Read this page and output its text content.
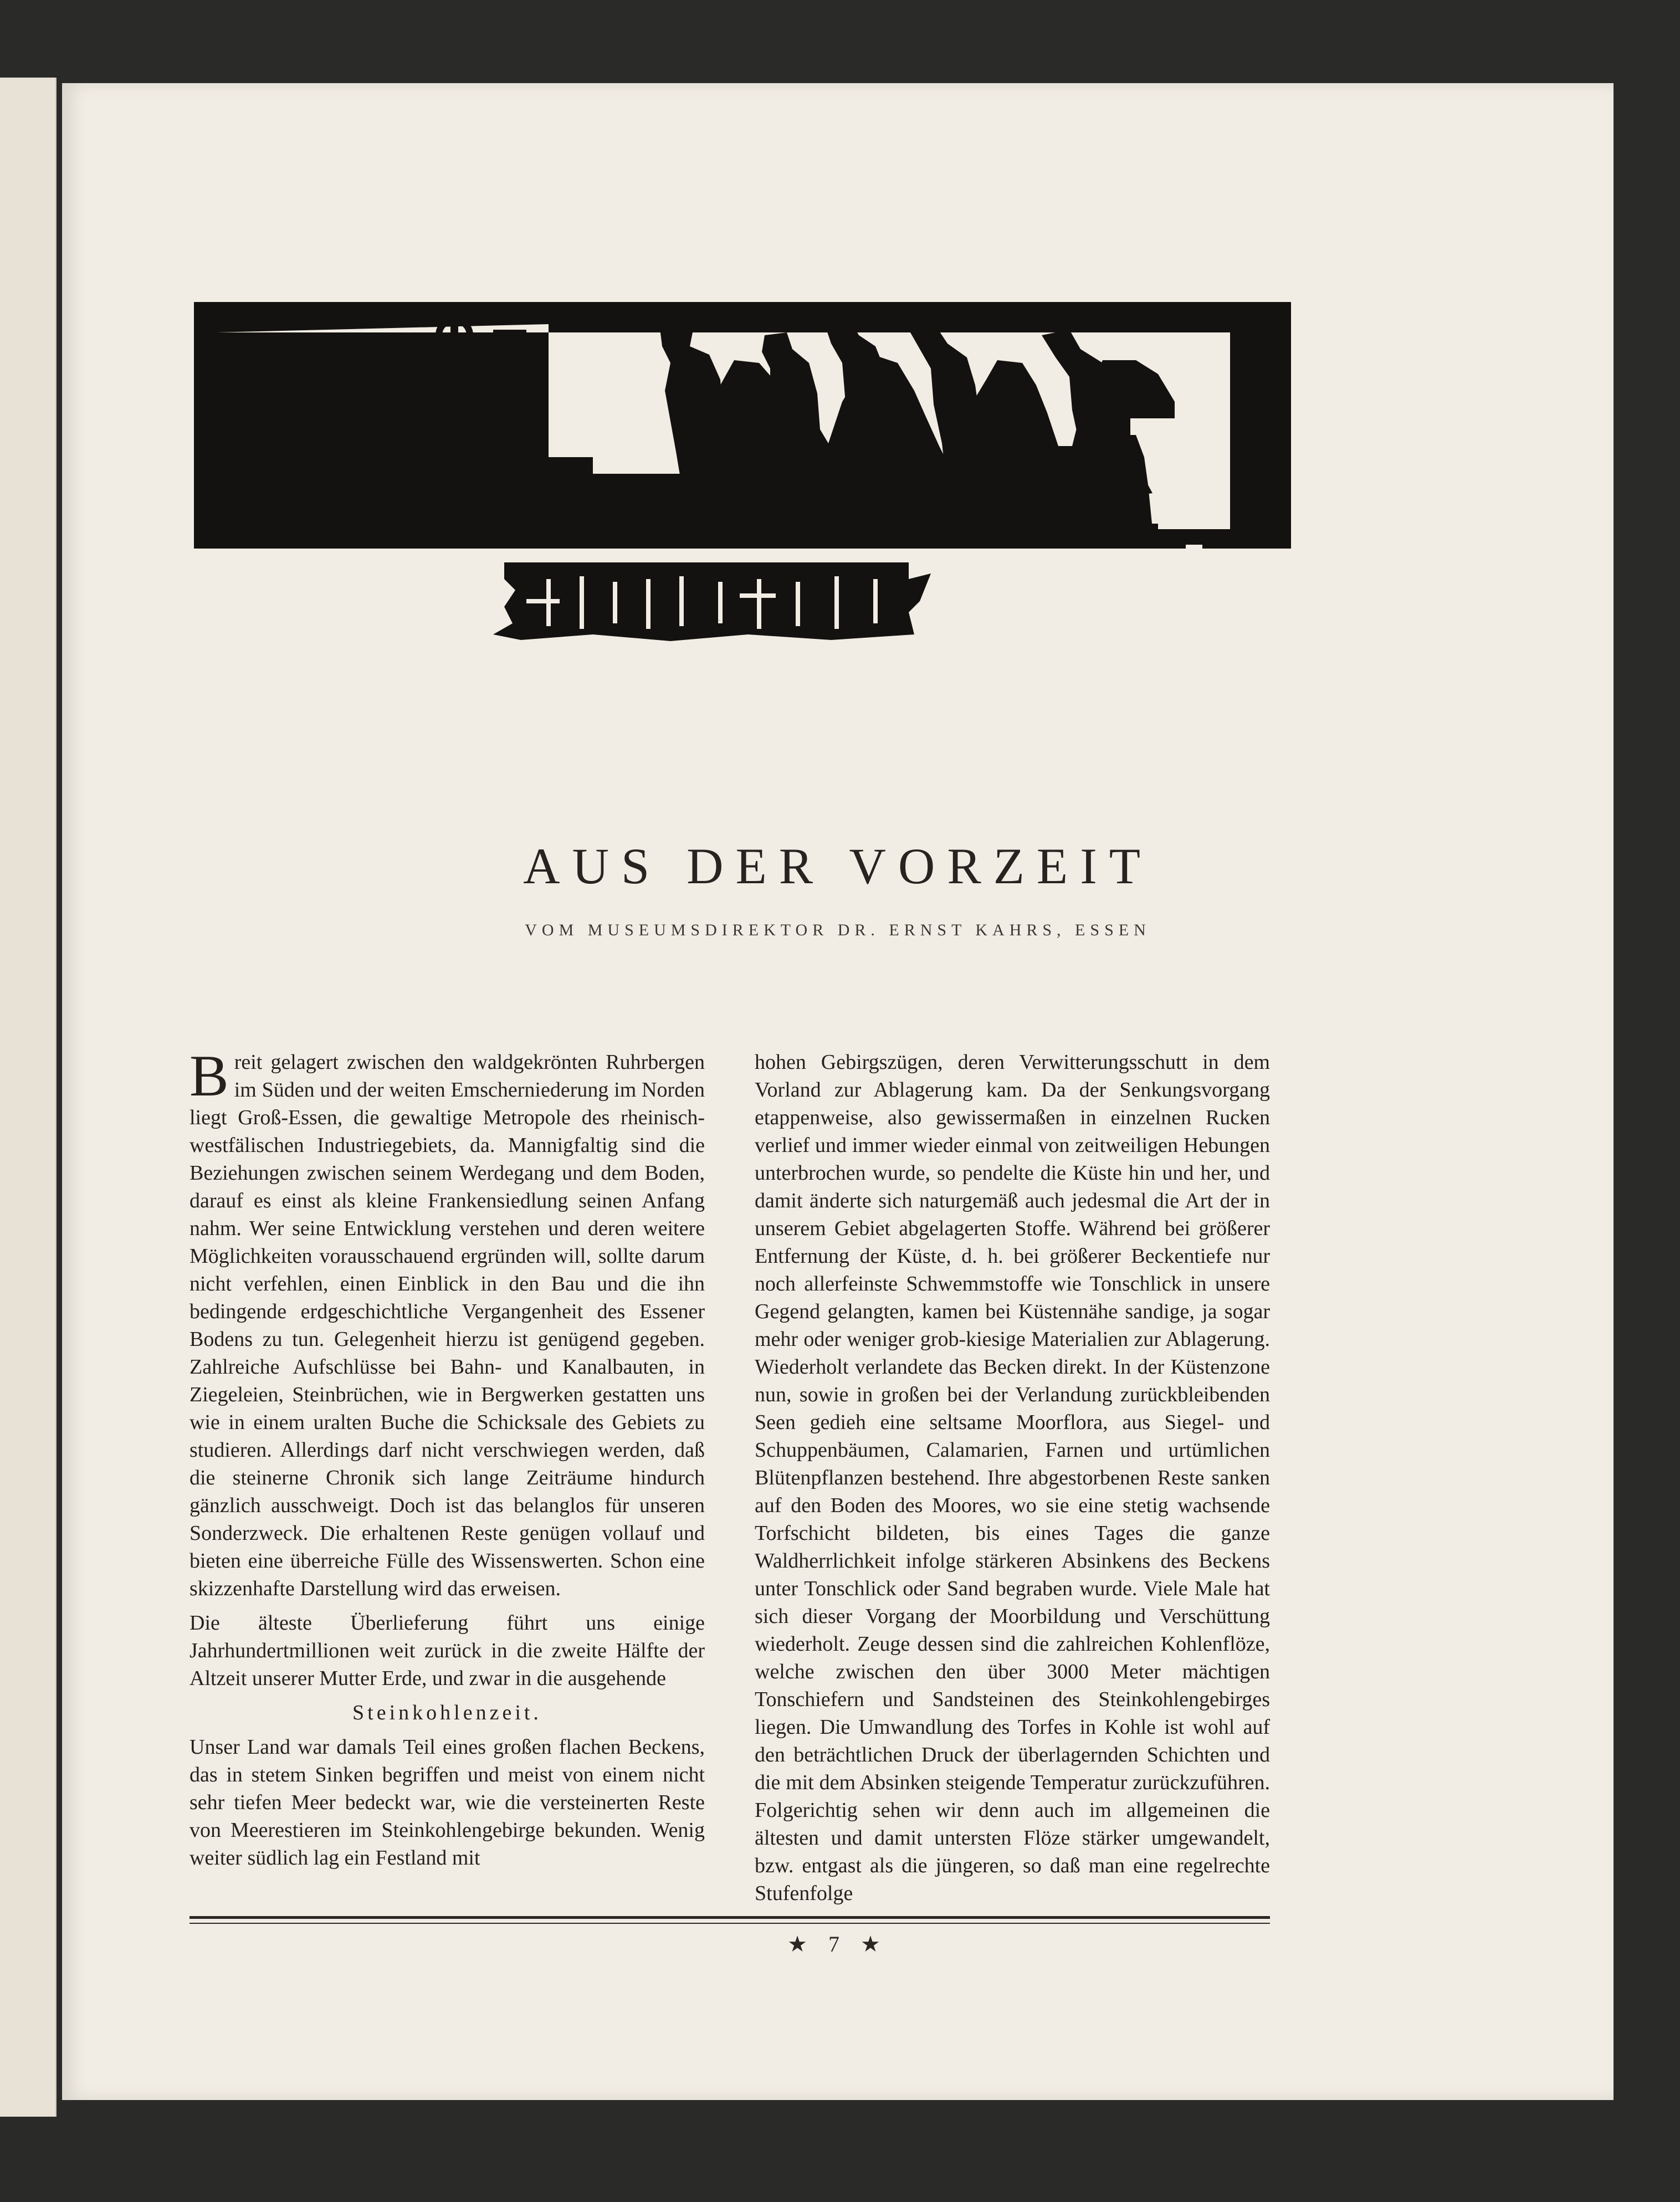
Glück auf
AUS DER VORZEIT
VOM MUSEUMSDIREKTOR DR. ERNST KAHRS, ESSEN

Breit gelagert zwischen den waldgekrönten Ruhrbergen im Süden und der weiten Emscherniederung im Norden liegt Groß-Essen, die gewaltige Metropole des rheinisch-westfälischen Industriegebiets, da. Mannigfaltig sind die Beziehungen zwischen seinem Werdegang und dem Boden, darauf es einst als kleine Frankensiedlung seinen Anfang nahm. Wer seine Entwicklung verstehen und deren weitere Möglichkeiten vorausschauend ergründen will, sollte darum nicht verfehlen, einen Einblick in den Bau und die ihn bedingende erdgeschichtliche Vergangenheit des Essener Bodens zu tun. Gelegenheit hierzu ist genügend gegeben. Zahlreiche Aufschlüsse bei Bahn- und Kanalbauten, in Ziegeleien, Steinbrüchen, wie in Bergwerken gestatten uns wie in einem uralten Buche die Schicksale des Gebiets zu studieren. Allerdings darf nicht verschwiegen werden, daß die steinerne Chronik sich lange Zeiträume hindurch gänzlich ausschweigt. Doch ist das belanglos für unseren Sonderzweck. Die erhaltenen Reste genügen vollauf und bieten eine überreiche Fülle des Wissenswerten. Schon eine skizzenhafte Darstellung wird das erweisen.

Die älteste Überlieferung führt uns einige Jahrhundertmillionen weit zurück in die zweite Hälfte der Altzeit unserer Mutter Erde, und zwar in die ausgehende

Steinkohlenzeit.

Unser Land war damals Teil eines großen flachen Beckens, das in stetem Sinken begriffen und meist von einem nicht sehr tiefen Meer bedeckt war, wie die versteinerten Reste von Meerestieren im Steinkohlengebirge bekunden. Wenig weiter südlich lag ein Festland mit

hohen Gebirgszügen, deren Verwitterungsschutt in dem Vorland zur Ablagerung kam. Da der Senkungsvorgang etappenweise, also gewissermaßen in einzelnen Rucken verlief und immer wieder einmal von zeitweiligen Hebungen unterbrochen wurde, so pendelte die Küste hin und her, und damit änderte sich naturgemäß auch jedesmal die Art der in unserem Gebiet abgelagerten Stoffe. Während bei größerer Entfernung der Küste, d. h. bei größerer Beckentiefe nur noch allerfeinste Schwemmstoffe wie Tonschlick in unsere Gegend gelangten, kamen bei Küstennähe sandige, ja sogar mehr oder weniger grob-kiesige Materialien zur Ablagerung. Wiederholt verlandete das Becken direkt. In der Küstenzone nun, sowie in großen bei der Verlandung zurückbleibenden Seen gedieh eine seltsame Moorflora, aus Siegel- und Schuppenbäumen, Calamarien, Farnen und urtümlichen Blütenpflanzen bestehend. Ihre abgestorbenen Reste sanken auf den Boden des Moores, wo sie eine stetig wachsende Torfschicht bildeten, bis eines Tages die ganze Waldherrlichkeit infolge stärkeren Absinkens des Beckens unter Tonschlick oder Sand begraben wurde. Viele Male hat sich dieser Vorgang der Moorbildung und Verschüttung wiederholt. Zeuge dessen sind die zahlreichen Kohlenflöze, welche zwischen den über 3000 Meter mächtigen Tonschiefern und Sandsteinen des Steinkohlengebirges liegen. Die Umwandlung des Torfes in Kohle ist wohl auf den beträchtlichen Druck der überlagernden Schichten und die mit dem Absinken steigende Temperatur zurückzuführen. Folgerichtig sehen wir denn auch im allgemeinen die ältesten und damit untersten Flöze stärker umgewandelt, bzw. entgast als die jüngeren, so daß man eine regelrechte Stufenfolge

★ 7 ★
